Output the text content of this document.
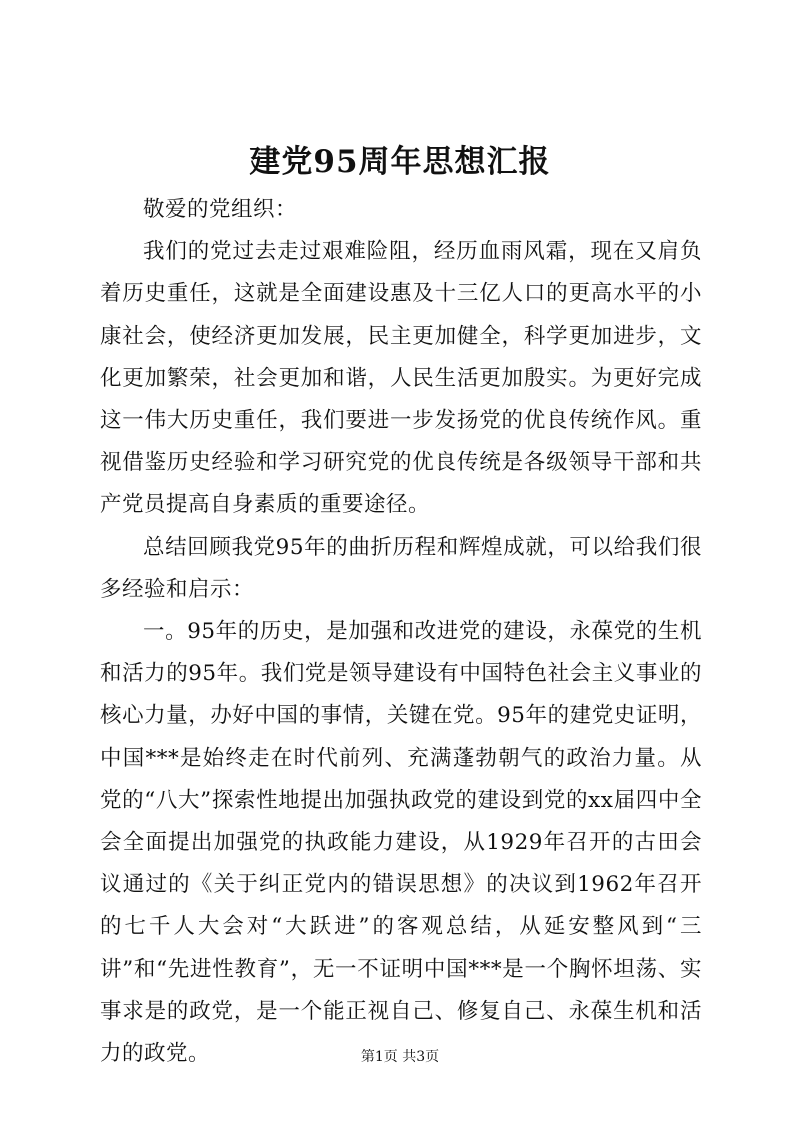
建党95周年思想汇报

敬爱的党组织：

我们的党过去走过艰难险阻，经历血雨风霜，现在又肩负着历史重任，这就是全面建设惠及十三亿人口的更高水平的小康社会，使经济更加发展，民主更加健全，科学更加进步，文化更加繁荣，社会更加和谐，人民生活更加殷实。为更好完成这一伟大历史重任，我们要进一步发扬党的优良传统作风。重视借鉴历史经验和学习研究党的优良传统是各级领导干部和共产党员提高自身素质的重要途径。

总结回顾我党95年的曲折历程和辉煌成就，可以给我们很多经验和启示：

一。95年的历史，是加强和改进党的建设，永葆党的生机和活力的95年。我们党是领导建设有中国特色社会主义事业的核心力量，办好中国的事情，关键在党。95年的建党史证明，中国***是始终走在时代前列、充满蓬勃朝气的政治力量。从党的“八大”探索性地提出加强执政党的建设到党的xx届四中全会全面提出加强党的执政能力建设，从1929年召开的古田会议通过的《关于纠正党内的错误思想》的决议到1962年召开的七千人大会对“大跃进”的客观总结，从延安整风到“三讲”和“先进性教育”，无一不证明中国***是一个胸怀坦荡、实事求是的政党，是一个能正视自己、修复自己、永葆生机和活力的政党。	第1页 共3页
